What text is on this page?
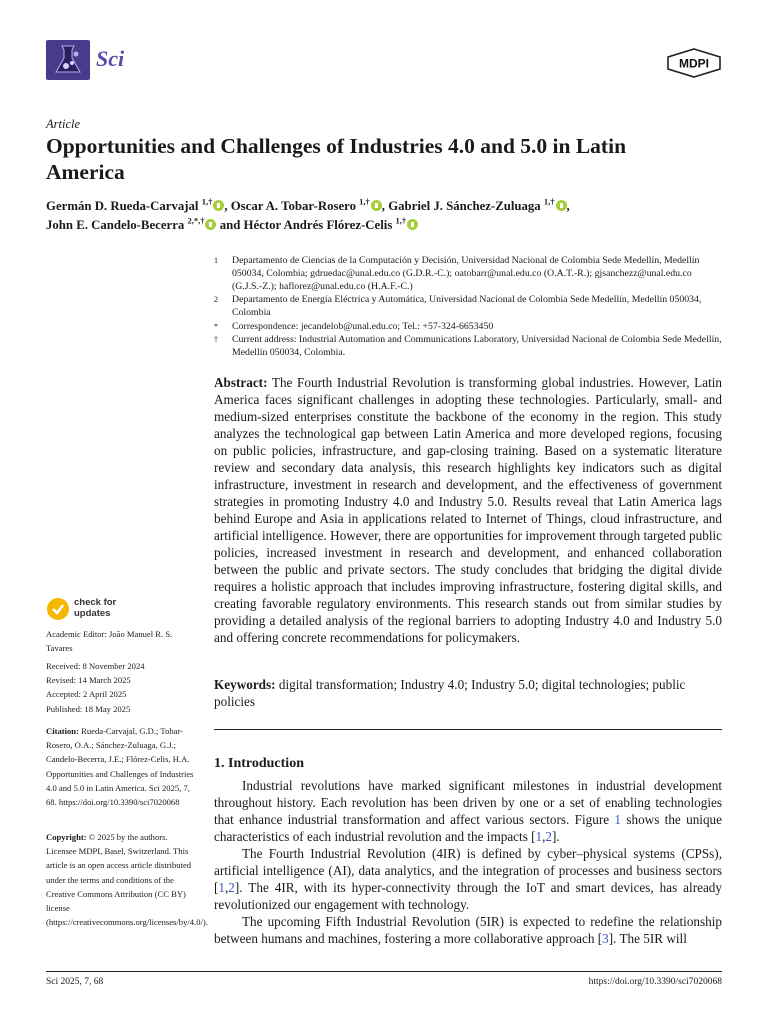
Sci	MDPI
Article
Opportunities and Challenges of Industries 4.0 and 5.0 in Latin America
Germán D. Rueda-Carvajal $^{1,\dagger}$ , Oscar A. Tobar-Rosero $^{1,\dagger}$ , Gabriel J. Sánchez-Zuluaga $^{1,\dagger}$ ,
John E. Candelo-Becerra $^{2,*,\dagger}$ and Héctor Andrés Flórez-Celis $^{1,\dagger}$
1 Departamento de Ciencias de la Computación y Decisión, Universidad Nacional de Colombia Sede Medellín, Medellín 050034, Colombia; gdruedac@unal.edu.co (G.D.R.-C.); oatobarr@unal.edu.co (O.A.T.-R.); gjsanchezz@unal.edu.co (G.J.S.-Z.); haflorez@unal.edu.co (H.A.F.-C.)
2 Departamento de Energía Eléctrica y Automática, Universidad Nacional de Colombia Sede Medellín, Medellín 050034, Colombia
* Correspondence: jecandelob@unal.edu.co; Tel.: +57-324-6653450
† Current address: Industrial Automation and Communications Laboratory, Universidad Nacional de Colombia Sede Medellín, Medellín 050034, Colombia.
Abstract: The Fourth Industrial Revolution is transforming global industries. However, Latin America faces significant challenges in adopting these technologies. Particularly, small- and medium-sized enterprises constitute the backbone of the economy in the region. This study analyzes the technological gap between Latin America and more developed regions, focusing on public policies, infrastructure, and gap-closing training. Based on a systematic literature review and secondary data analysis, this research highlights key indicators such as digital infrastructure, investment in research and development, and the effectiveness of government strategies in promoting Industry 4.0 and Industry 5.0. Results reveal that Latin America lags behind Europe and Asia in applications related to Internet of Things, cloud infrastructure, and artificial intelligence. However, there are opportunities for improvement through targeted public policies, increased investment in research and development, and enhanced collaboration between the public and private sectors. The study concludes that bridging the digital divide requires a holistic approach that includes improving infrastructure, fostering digital skills, and creating favorable regulatory environments. This research stands out from similar studies by providing a detailed analysis of the regional barriers to adopting Industry 4.0 and Industry 5.0 and offering concrete recommendations for policymakers.
Keywords: digital transformation; Industry 4.0; Industry 5.0; digital technologies; public policies
1. Introduction

Industrial revolutions have marked significant milestones in industrial development throughout history. Each revolution has been driven by one or a set of enabling technologies that enhance industrial transformation and affect various sectors. Figure 1 shows the unique characteristics of each industrial revolution and the impacts [1,2].

The Fourth Industrial Revolution (4IR) is defined by cyber–physical systems (CPSs), artificial intelligence (AI), data analytics, and the integration of processes and business sectors [1,2]. The 4IR, with its hyper-connectivity through the IoT and smart devices, has already revolutionized our engagement with technology.

The upcoming Fifth Industrial Revolution (5IR) is expected to redefine the relationship between humans and machines, fostering a more collaborative approach [3]. The 5IR will

check for
updates
Academic Editor: João Manuel R. S. Tavares
Received: 8 November 2024
Revised: 14 March 2025
Accepted: 2 April 2025
Published: 18 May 2025
Citation: Rueda-Carvajal, G.D.; Tobar-Rosero, O.A.; Sánchez-Zuluaga, G.J.; Candelo-Becerra, J.E.; Flórez-Celis, H.A. Opportunities and Challenges of Industries 4.0 and 5.0 in Latin America. Sci 2025, 7, 68. https://doi.org/10.3390/sci7020068
Copyright: © 2025 by the authors. Licensee MDPI, Basel, Switzerland. This article is an open access article distributed under the terms and conditions of the Creative Commons Attribution (CC BY) license (https://creativecommons.org/licenses/by/4.0/).
Sci 2025, 7, 68	https://doi.org/10.3390/sci7020068
